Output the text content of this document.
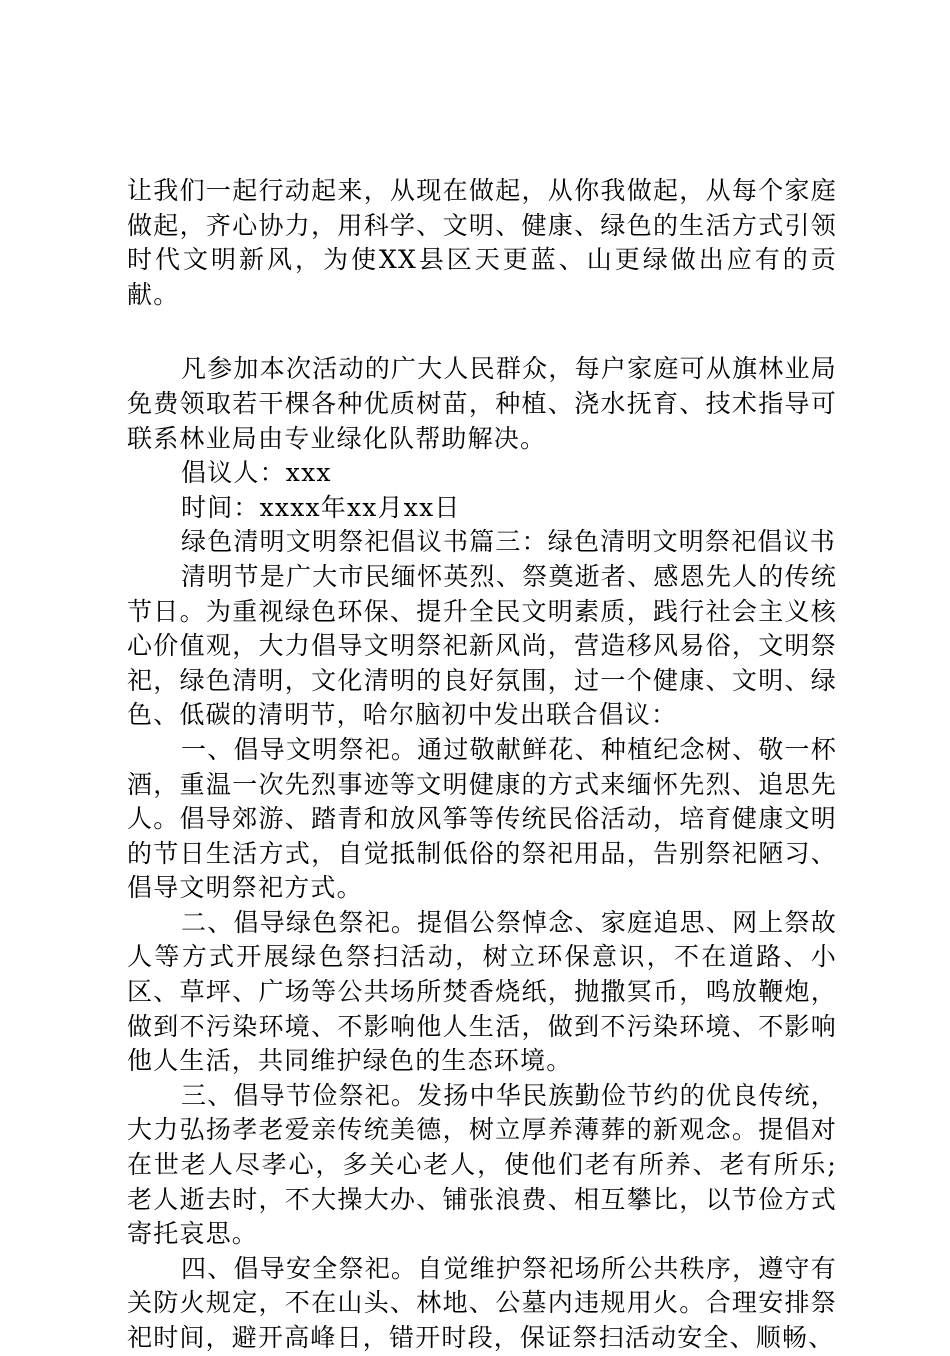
让我们一起行动起来，从现在做起，从你我做起，从每个家庭做起，齐心协力，用科学、文明、健康、绿色的生活方式引领时代文明新风，为使XX县区天更蓝、山更绿做出应有的贡献。

凡参加本次活动的广大人民群众，每户家庭可从旗林业局免费领取若干棵各种优质树苗，种植、浇水抚育、技术指导可联系林业局由专业绿化队帮助解决。

倡议人：xxx

时间：xxxx年xx月xx日

绿色清明文明祭祀倡议书篇三：绿色清明文明祭祀倡议书

清明节是广大市民缅怀英烈、祭奠逝者、感恩先人的传统节日。为重视绿色环保、提升全民文明素质，践行社会主义核心价值观，大力倡导文明祭祀新风尚，营造移风易俗，文明祭祀，绿色清明，文化清明的良好氛围，过一个健康、文明、绿色、低碳的清明节，哈尔脑初中发出联合倡议：

一、倡导文明祭祀。通过敬献鲜花、种植纪念树、敬一杯酒，重温一次先烈事迹等文明健康的方式来缅怀先烈、追思先人。倡导郊游、踏青和放风筝等传统民俗活动，培育健康文明的节日生活方式，自觉抵制低俗的祭祀用品，告别祭祀陋习、倡导文明祭祀方式。

二、倡导绿色祭祀。提倡公祭悼念、家庭追思、网上祭故人等方式开展绿色祭扫活动，树立环保意识，不在道路、小区、草坪、广场等公共场所焚香烧纸，抛撒冥币，鸣放鞭炮，做到不污染环境、不影响他人生活，做到不污染环境、不影响他人生活，共同维护绿色的生态环境。

三、倡导节俭祭祀。发扬中华民族勤俭节约的优良传统，大力弘扬孝老爱亲传统美德，树立厚养薄葬的新观念。提倡对在世老人尽孝心，多关心老人，使他们老有所养、老有所乐;老人逝去时，不大操大办、铺张浪费、相互攀比，以节俭方式寄托哀思。

四、倡导安全祭祀。自觉维护祭祀场所公共秩序，遵守有关防火规定，不在山头、林地、公墓内违规用火。合理安排祭祀时间，避开高峰日，错开时段，保证祭扫活动安全、顺畅、
